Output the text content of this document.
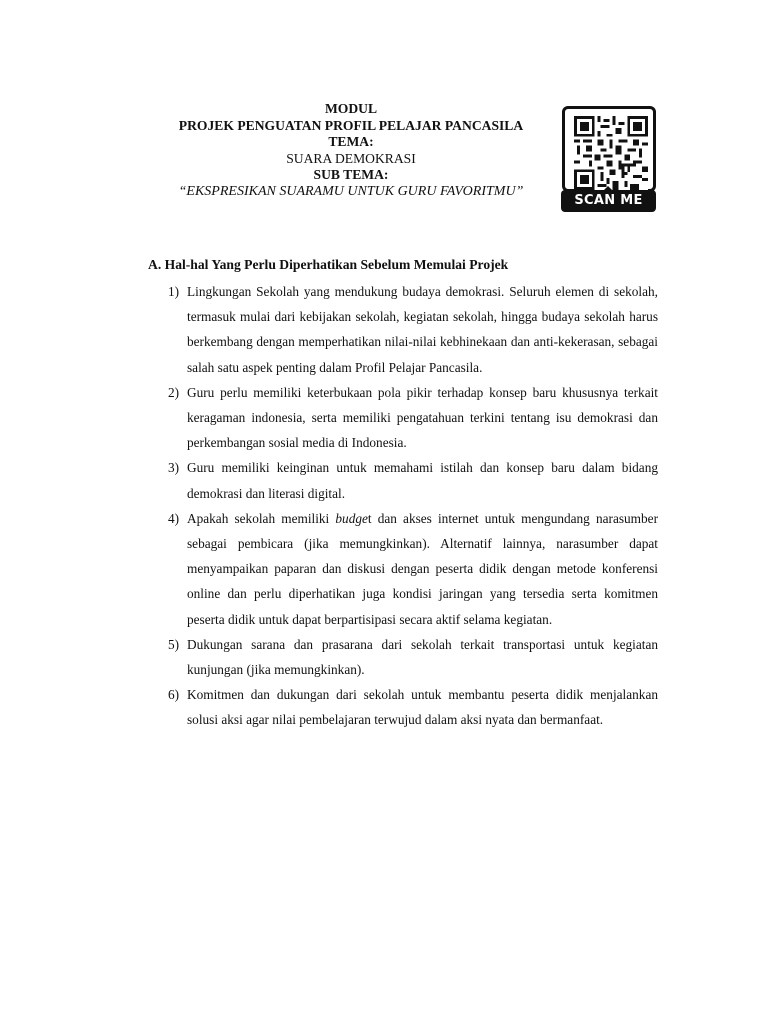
MODUL
PROJEK PENGUATAN PROFIL PELAJAR PANCASILA
TEMA:
SUARA DEMOKRASI
SUB TEMA:
“EKSPRESIKAN SUARAMU UNTUK GURU FAVORITMU”
SCAN ME
A. Hal-hal Yang Perlu Diperhatikan Sebelum Memulai Projek
1) Lingkungan Sekolah yang mendukung budaya demokrasi. Seluruh elemen di sekolah, termasuk mulai dari kebijakan sekolah, kegiatan sekolah, hingga budaya sekolah harus berkembang dengan memperhatikan nilai-nilai kebhinekaan dan anti-kekerasan, sebagai salah satu aspek penting dalam Profil Pelajar Pancasila.
2) Guru perlu memiliki keterbukaan pola pikir terhadap konsep baru khususnya terkait keragaman indonesia, serta memiliki pengatahuan terkini tentang isu demokrasi dan perkembangan sosial media di Indonesia.
3) Guru memiliki keinginan untuk memahami istilah dan konsep baru dalam bidang demokrasi dan literasi digital.
4) Apakah sekolah memiliki budget dan akses internet untuk mengundang narasumber sebagai pembicara (jika memungkinkan). Alternatif lainnya, narasumber dapat menyampaikan paparan dan diskusi dengan peserta didik dengan metode konferensi online dan perlu diperhatikan juga kondisi jaringan yang tersedia serta komitmen peserta didik untuk dapat berpartisipasi secara aktif selama kegiatan.
5) Dukungan sarana dan prasarana dari sekolah terkait transportasi untuk kegiatan kunjungan (jika memungkinkan).
6) Komitmen dan dukungan dari sekolah untuk membantu peserta didik menjalankan solusi aksi agar nilai pembelajaran terwujud dalam aksi nyata dan bermanfaat.
